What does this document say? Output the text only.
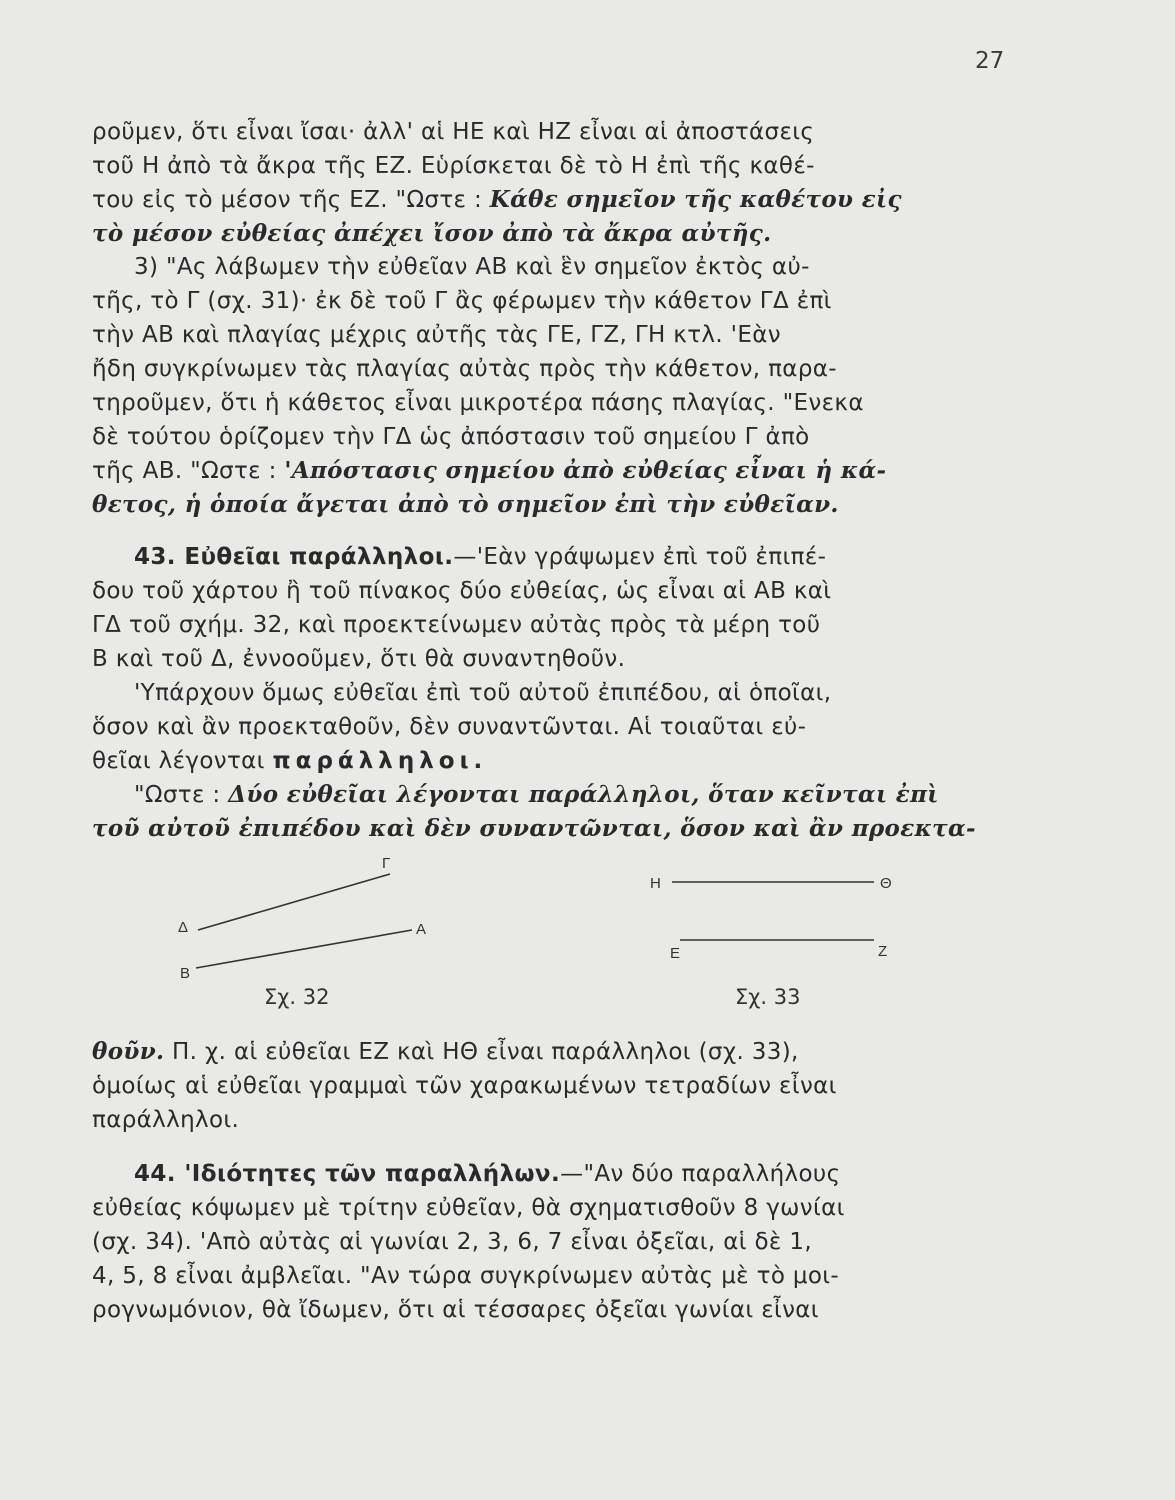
27
ροῦμεν, ὅτι εἶναι ἴσαι· ἀλλ' αἱ ΗΕ καὶ ΗΖ εἶναι αἱ ἀποστάσεις
τοῦ Η ἀπὸ τὰ ἄκρα τῆς ΕΖ. Εὑρίσκεται δὲ τὸ Η ἐπὶ τῆς καθέ-
του εἰς τὸ μέσον τῆς ΕΖ. "Ωστε : Κάθε σημεῖον τῆς καθέτου εἰς
τὸ μέσον εὐθείας ἀπέχει ἴσον ἀπὸ τὰ ἄκρα αὐτῆς.
3) "Ας λάβωμεν τὴν εὐθεῖαν ΑΒ καὶ ἓν σημεῖον ἐκτὸς αὐ-
τῆς, τὸ Γ (σχ. 31)· ἐκ δὲ τοῦ Γ ἂς φέρωμεν τὴν κάθετον ΓΔ ἐπὶ
τὴν ΑΒ καὶ πλαγίας μέχρις αὐτῆς τὰς ΓΕ, ΓΖ, ΓΗ κτλ. 'Εὰν
ἤδη συγκρίνωμεν τὰς πλαγίας αὐτὰς πρὸς τὴν κάθετον, παρα-
τηροῦμεν, ὅτι ἡ κάθετος εἶναι μικροτέρα πάσης πλαγίας. "Ενεκα
δὲ τούτου ὁρίζομεν τὴν ΓΔ ὡς ἀπόστασιν τοῦ σημείου Γ ἀπὸ
τῆς ΑΒ. "Ωστε : 'Απόστασις σημείου ἀπὸ εὐθείας εἶναι ἡ κά-
θετος, ἡ ὁποία ἄγεται ἀπὸ τὸ σημεῖον ἐπὶ τὴν εὐθεῖαν.
43. Εὐθεῖαι παράλληλοι.—'Εὰν γράψωμεν ἐπὶ τοῦ ἐπιπέ-
δου τοῦ χάρτου ἢ τοῦ πίνακος δύο εὐθείας, ὡς εἶναι αἱ ΑΒ καὶ
ΓΔ τοῦ σχήμ. 32, καὶ προεκτείνωμεν αὐτὰς πρὸς τὰ μέρη τοῦ
Β καὶ τοῦ Δ, ἐννοοῦμεν, ὅτι θὰ συναντηθοῦν.
'Υπάρχουν ὅμως εὐθεῖαι ἐπὶ τοῦ αὐτοῦ ἐπιπέδου, αἱ ὁποῖαι,
ὅσον καὶ ἂν προεκταθοῦν, δὲν συναντῶνται. Αἱ τοιαῦται εὐ-
θεῖαι λέγονται παράλληλοι.
"Ωστε : Δύο εὐθεῖαι λέγονται παράλληλοι, ὅταν κεῖνται ἐπὶ
τοῦ αὐτοῦ ἐπιπέδου καὶ δὲν συναντῶνται, ὅσον καὶ ἂν προεκτα-
Γ
Δ	Α
Β
Σχ. 32
Η	Θ
Ε	Ζ
Σχ. 33
θοῦν. Π. χ. αἱ εὐθεῖαι ΕΖ καὶ ΗΘ εἶναι παράλληλοι (σχ. 33),
ὁμοίως αἱ εὐθεῖαι γραμμαὶ τῶν χαρακωμένων τετραδίων εἶναι
παράλληλοι.
44. 'Ιδιότητες τῶν παραλλήλων.—"Αν δύο παραλλήλους
εὐθείας κόψωμεν μὲ τρίτην εὐθεῖαν, θὰ σχηματισθοῦν 8 γωνίαι
(σχ. 34). 'Απὸ αὐτὰς αἱ γωνίαι 2, 3, 6, 7 εἶναι ὀξεῖαι, αἱ δὲ 1,
4, 5, 8 εἶναι ἀμβλεῖαι. "Αν τώρα συγκρίνωμεν αὐτὰς μὲ τὸ μοι-
ρογνωμόνιον, θὰ ἴδωμεν, ὅτι αἱ τέσσαρες ὀξεῖαι γωνίαι εἶναι
